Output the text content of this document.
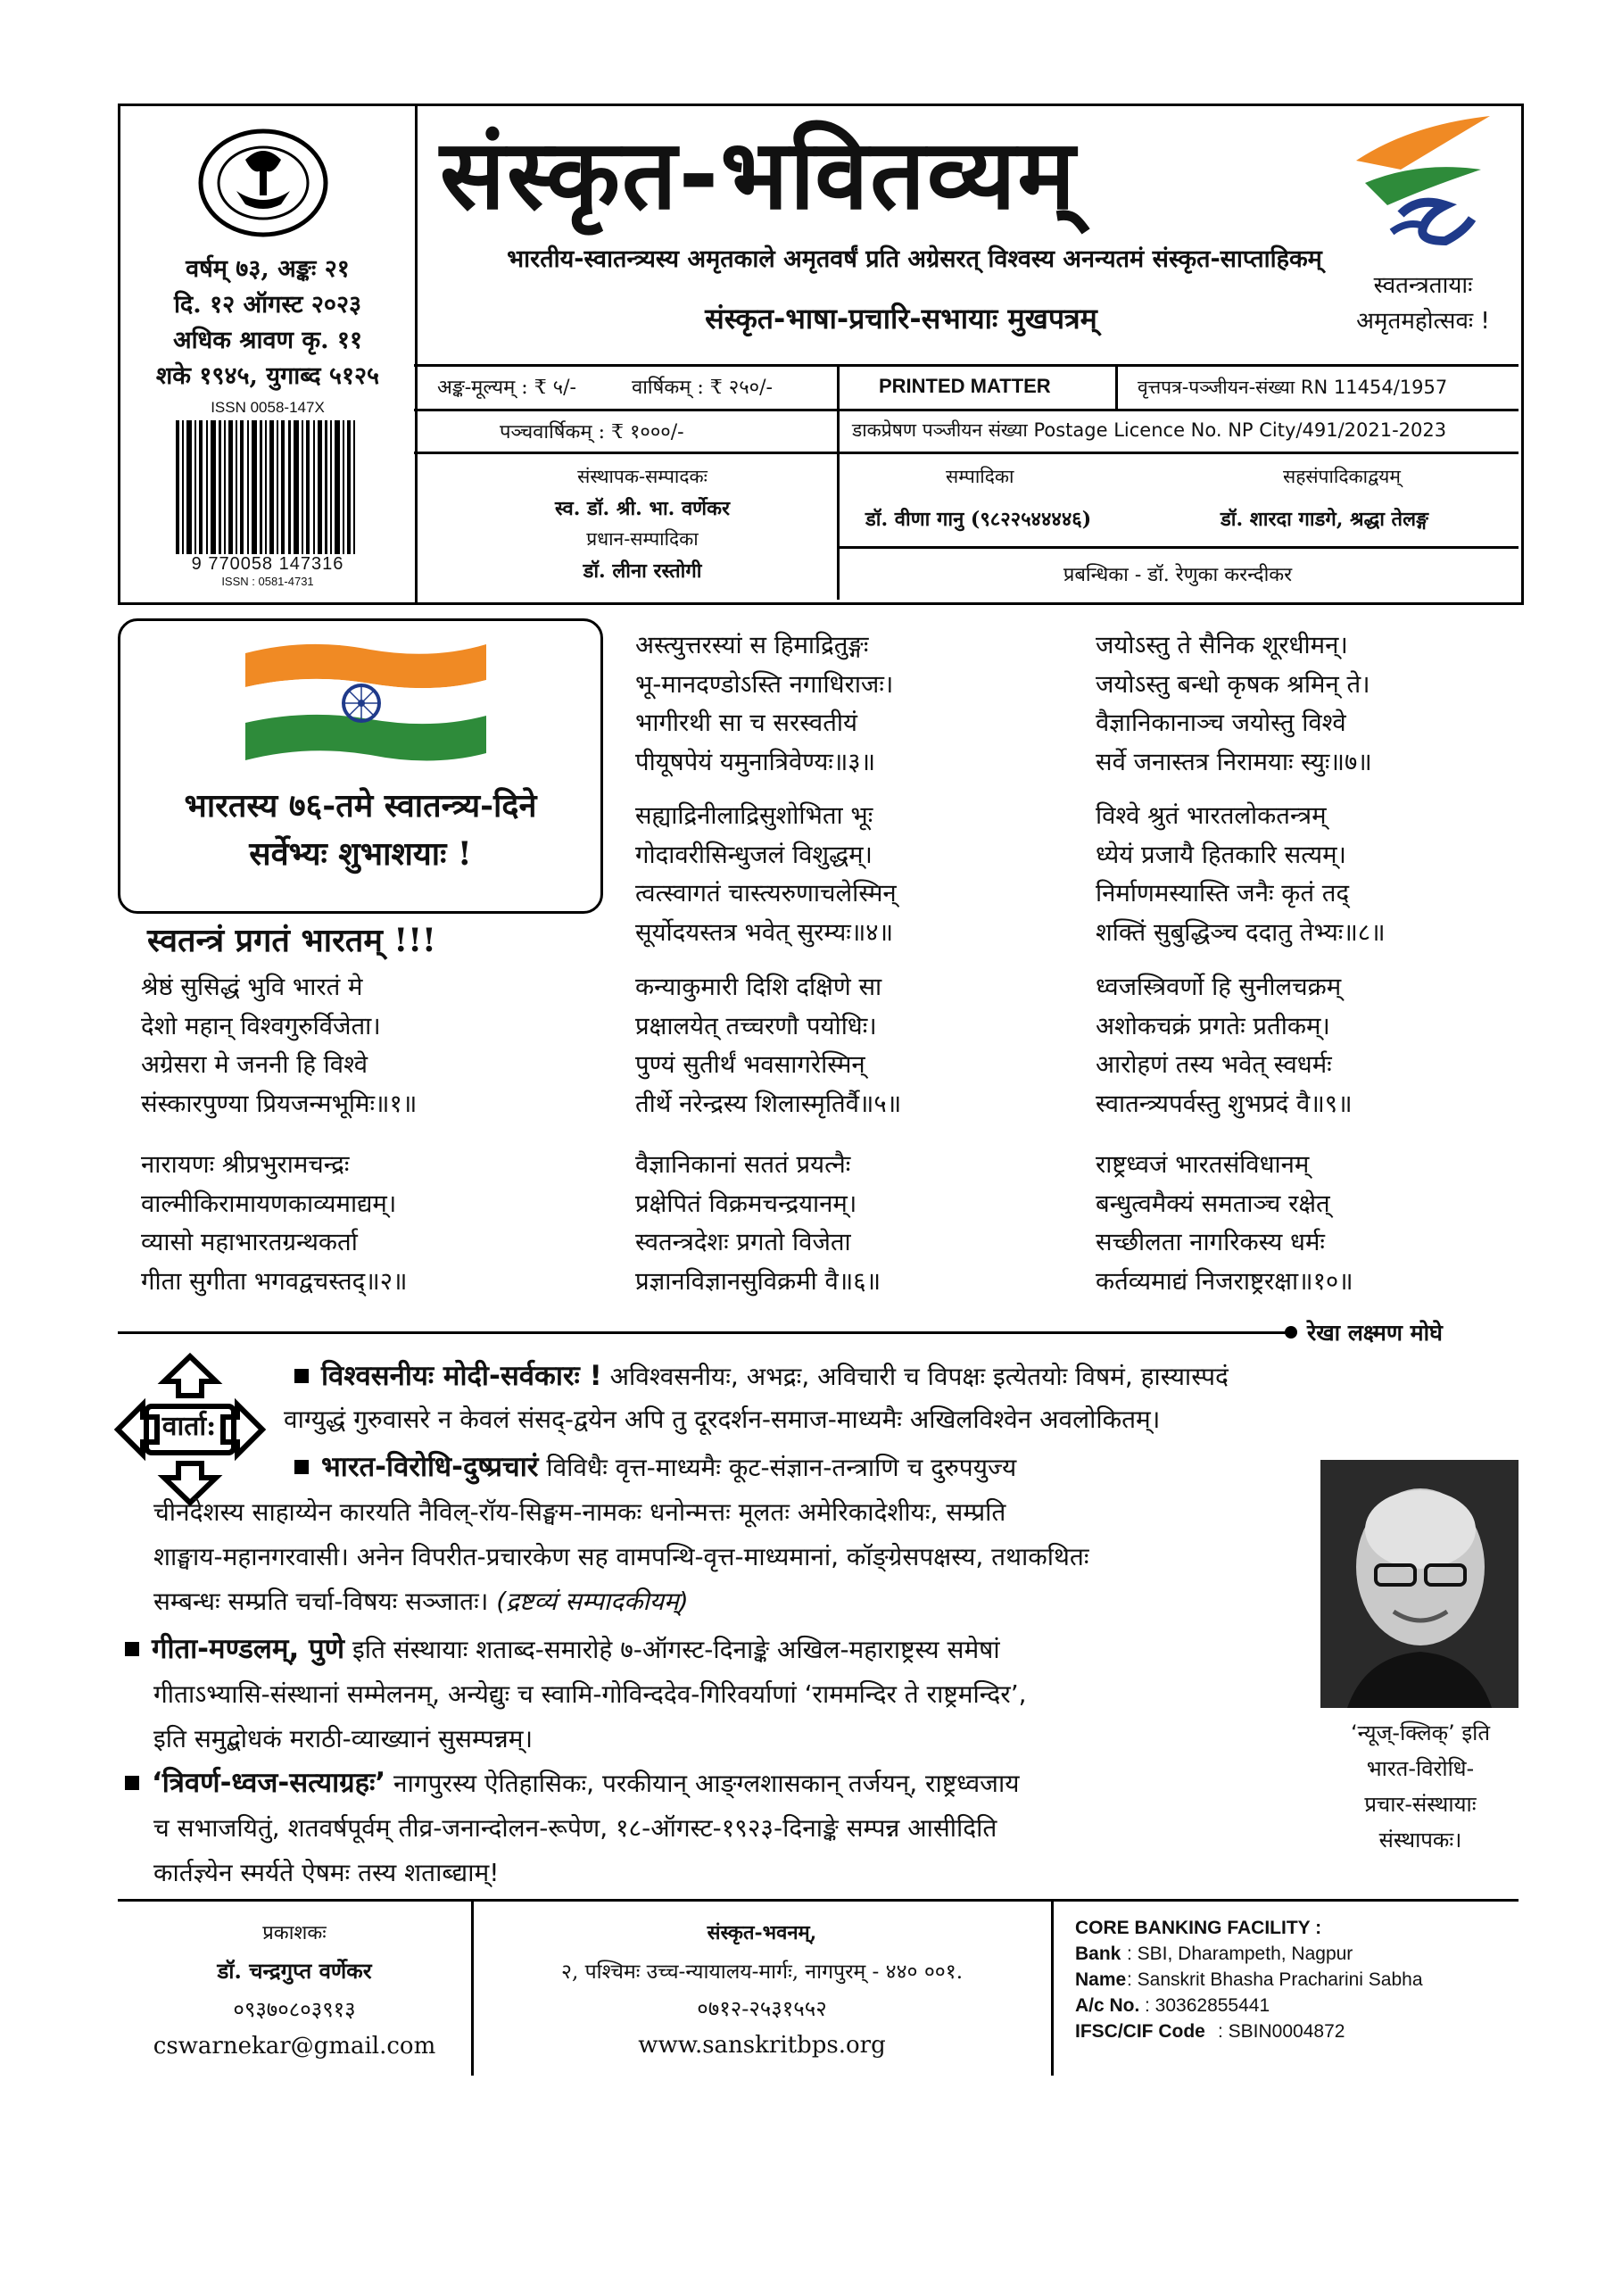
वर्षम् ७३, अङ्कः २१
दि. १२ ऑगस्ट २०२३
अधिक श्रावण कृ. ११
शके १९४५, युगाब्द ५१२५
ISSN 0058-147X
9 770058 147316
ISSN : 0581-4731
संस्कृत-भवितव्यम्
भारतीय-स्वातन्त्र्यस्य अमृतकाले अमृतवर्षं प्रति अग्रेसरत् विश्वस्य अनन्यतमं संस्कृत-साप्ताहिकम्
संस्कृत-भाषा-प्रचारि-सभायाः मुखपत्रम्
स्वतन्त्रतायाः
अमृतमहोत्सवः !
अङ्क-मूल्यम् : ₹ ५/-	वार्षिकम् : ₹ २५०/-
पञ्चवार्षिकम् : ₹ १०००/-
PRINTED MATTER	वृत्तपत्र-पञ्जीयन-संख्या RN 11454/1957
डाकप्रेषण पञ्जीयन संख्या Postage Licence No. NP City/491/2021-2023
संस्थापक-सम्पादकः
स्व. डॉ. श्री. भा. वर्णेकर
प्रधान-सम्पादिका
डॉ. लीना रस्तोगी
सम्पादिका
डॉ. वीणा गानु (९८२२५४४४४६)
सहसंपादिकाद्वयम्
डॉ. शारदा गाडगे, श्रद्धा तेलङ्ग
प्रबन्धिका - डॉ. रेणुका करन्दीकर
भारतस्य ७६-तमे स्वातन्त्र्य-दिने
सर्वेभ्यः शुभाशयाः !
स्वतन्त्रं प्रगतं भारतम् !!!
श्रेष्ठं सुसिद्धं भुवि भारतं मे
देशो महान् विश्वगुरुर्विजेता।
अग्रेसरा मे जननी हि विश्वे
संस्कारपुण्या प्रियजन्मभूमिः॥१॥
नारायणः श्रीप्रभुरामचन्द्रः
वाल्मीकिरामायणकाव्यमाद्यम्।
व्यासो महाभारतग्रन्थकर्ता
गीता सुगीता भगवद्वचस्तद्॥२॥
अस्त्युत्तरस्यां स हिमाद्रितुङ्गः
भू-मानदण्डोऽस्ति नगाधिराजः।
भागीरथी सा च सरस्वतीयं
पीयूषपेयं यमुनात्रिवेण्यः॥३॥
सह्याद्रिनीलाद्रिसुशोभिता भूः
गोदावरीसिन्धुजलं विशुद्धम्।
त्वत्स्वागतं चास्त्यरुणाचलेस्मिन्
सूर्योदयस्तत्र भवेत् सुरम्यः॥४॥
कन्याकुमारी दिशि दक्षिणे सा
प्रक्षालयेत् तच्चरणौ पयोधिः।
पुण्यं सुतीर्थं भवसागरेस्मिन्
तीर्थे नरेन्द्रस्य शिलास्मृतिर्वै॥५॥
वैज्ञानिकानां सततं प्रयत्नैः
प्रक्षेपितं विक्रमचन्द्रयानम्।
स्वतन्त्रदेशः प्रगतो विजेता
प्रज्ञानविज्ञानसुविक्रमी वै॥६॥
जयोऽस्तु ते सैनिक शूरधीमन्।
जयोऽस्तु बन्धो कृषक श्रमिन् ते।
वैज्ञानिकानाञ्च जयोस्तु विश्वे
सर्वे जनास्तत्र निरामयाः स्युः॥७॥
विश्वे श्रुतं भारतलोकतन्त्रम्
ध्येयं प्रजायै हितकारि सत्यम्।
निर्माणमस्यास्ति जनैः कृतं तद्
शक्तिं सुबुद्धिञ्च ददातु तेभ्यः॥८॥
ध्वजस्त्रिवर्णो हि सुनीलचक्रम्
अशोकचक्रं प्रगतेः प्रतीकम्।
आरोहणं तस्य भवेत् स्वधर्मः
स्वातन्त्र्यपर्वस्तु शुभप्रदं वै॥९॥
राष्ट्रध्वजं भारतसंविधानम्
बन्धुत्वमैक्यं समताञ्च रक्षेत्
सच्छीलता नागरिकस्य धर्मः
कर्तव्यमाद्यं निजराष्ट्ररक्षा॥१०॥
रेखा लक्ष्मण मोघे
वार्ता:
विश्वसनीयः मोदी-सर्वकारः ! अविश्वसनीयः, अभद्रः, अविचारी च विपक्षः इत्येतयोः विषमं, हास्यास्पदं
वाग्युद्धं गुरुवासरे न केवलं संसद्-द्वयेन अपि तु दूरदर्शन-समाज-माध्यमैः अखिलविश्वेन अवलोकितम्।
भारत-विरोधि-दुष्प्रचारं विविधैः वृत्त-माध्यमैः कूट-संज्ञान-तन्त्राणि च दुरुपयुज्य
चीनदेशस्य साहाय्येन कारयति नैविल्-रॉय-सिङ्घम-नामकः धनोन्मत्तः मूलतः अमेरिकादेशीयः, सम्प्रति
शाङ्घाय-महानगरवासी। अनेन विपरीत-प्रचारकेण सह वामपन्थि-वृत्त-माध्यमानां, कॉङ्ग्रेसपक्षस्य, तथाकथितः
सम्बन्धः सम्प्रति चर्चा-विषयः सञ्जातः। (द्रष्टव्यं सम्पादकीयम्)
गीता-मण्डलम्, पुणे इति संस्थायाः शताब्द-समारोहे ७-ऑगस्ट-दिनाङ्के अखिल-महाराष्ट्रस्य समेषां
गीताऽभ्यासि-संस्थानां सम्मेलनम्, अन्येद्युः च स्वामि-गोविन्ददेव-गिरिवर्याणां ‘राममन्दिर ते राष्ट्रमन्दिर’,
इति समुद्बोधकं मराठी-व्याख्यानं सुसम्पन्नम्।
‘त्रिवर्ण-ध्वज-सत्याग्रहः’ नागपुरस्य ऐतिहासिकः, परकीयान् आङ्ग्लशासकान् तर्जयन्, राष्ट्रध्वजाय
च सभाजयितुं, शतवर्षपूर्वम् तीव्र-जनान्दोलन-रूपेण, १८-ऑगस्ट-१९२३-दिनाङ्के सम्पन्न आसीदिति
कार्तज्ञ्येन स्मर्यते ऐषमः तस्य शताब्द्याम्!
‘न्यूज्-क्लिक्’ इति
भारत-विरोधि-
प्रचार-संस्थायाः
संस्थापकः।
प्रकाशकः
डॉ. चन्द्रगुप्त वर्णेकर
०९३७०८०३९१३
cswarnekar@gmail.com
संस्कृत-भवनम्,
२, पश्चिमः उच्च-न्यायालय-मार्गः, नागपुरम् - ४४० ००१.
०७१२-२५३१५५२
www.sanskritbps.org
CORE BANKING FACILITY :
Bank : SBI, Dharampeth, Nagpur
Name: Sanskrit Bhasha Pracharini Sabha
A/c No. : 30362855441
IFSC/CIF Code : SBIN0004872
